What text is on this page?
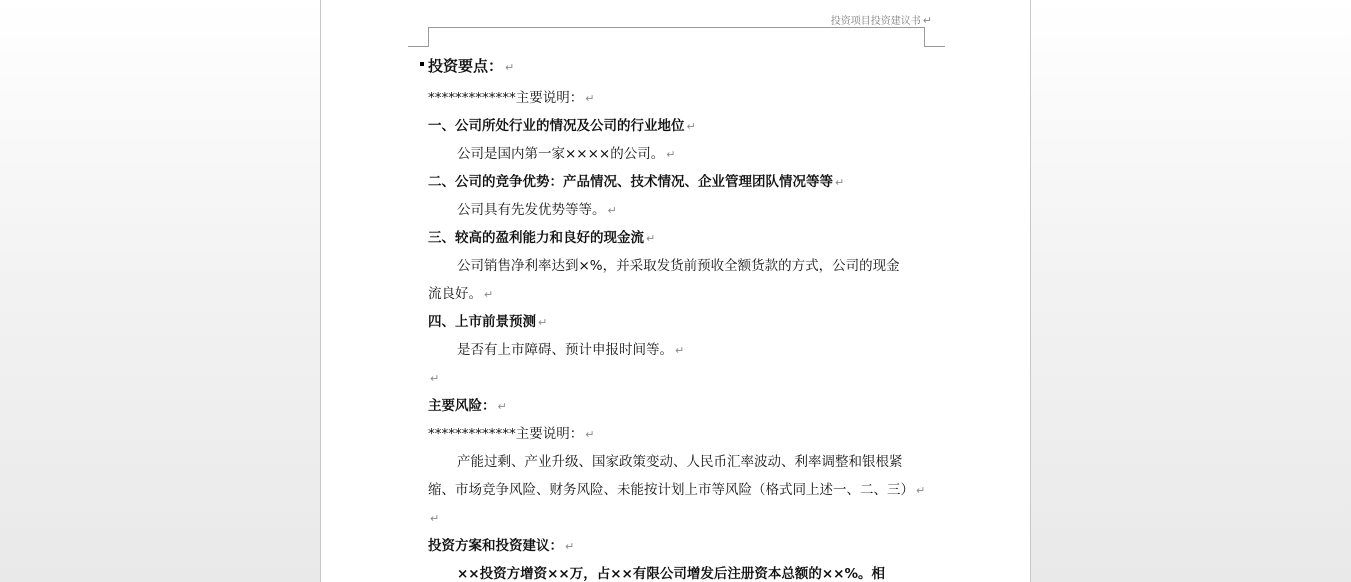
投资项目投资建议书 ↵
投资要点： ↵
*************主要说明： ↵
一、公司所处行业的情况及公司的行业地位 ↵
公司是国内第一家××××的公司。 ↵
二、公司的竞争优势：产品情况、技术情况、企业管理团队情况等等 ↵
公司具有先发优势等等。 ↵
三、较高的盈利能力和良好的现金流 ↵
公司销售净利率达到×%，并采取发货前预收全额货款的方式，公司的现金
流良好。 ↵
四、上市前景预测 ↵
是否有上市障碍、预计申报时间等。 ↵
↵
主要风险： ↵
*************主要说明： ↵
产能过剩、产业升级、国家政策变动、人民币汇率波动、利率调整和银根紧
缩、市场竞争风险、财务风险、未能按计划上市等风险（格式同上述一、二、三） ↵
↵
投资方案和投资建议： ↵
××投资方增资××万，占××有限公司增发后注册资本总额的××%。相
